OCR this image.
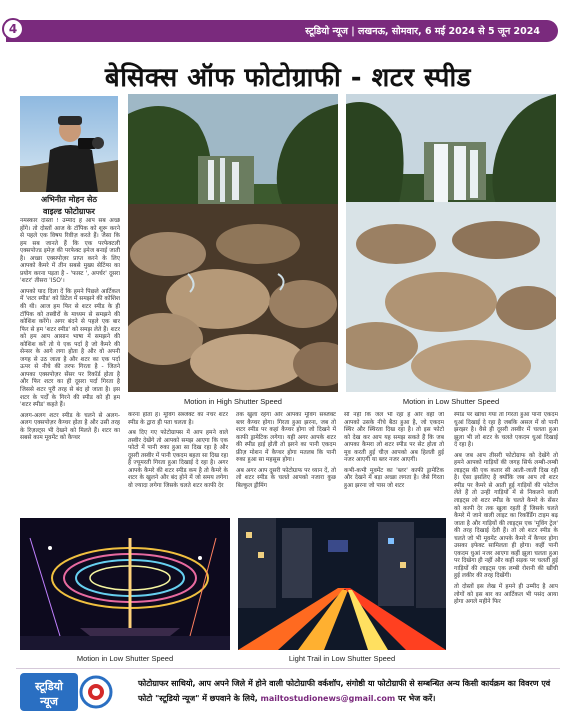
स्टूडियो न्यूज | लखनऊ, सोमवार, 6 मई 2024 से 5 जून 2024
4
बेसिक्स ऑफ फोटोग्राफी - शटर स्पीड
अभिनीत मोहन सेठ
वाइल्ड फोटोग्राफर
Motion in High Shutter Speed	Motion in Low Shutter Speed

नमस्कार दोस्तों ! उम्मीद है आप सब अच्छे होंगे। तो दोस्तों आज के टॉपिक को शुरू करने से पहले एक विषय रिवीज़ करते हैं। जैसा कि हम सब जानते हैं कि एक परफेक्टली एक्सपोज्ड इमेज़ की परफेक्ट इमेज बनाई जाती है। अच्छा एक्सपोज़र प्राप्त करने के लिए आपको कैमरे में तीन सबसे मुख्य सेटिंग्स का प्रयोग करना पड़ता है - 'फास्ट ', अपर्चर' दूसरा 'शटर' तीसरा 'ISO'।

आपको याद दिला दें कि हमने पिछले आर्टिकल में 'शटर स्पीड' को डिटेल में समझने की कोशिश की थी। आज हम फिर से शटर स्पीड के ही टॉपिक को तस्वीरों के माध्यम से समझने की कोशिश करेंगे। अगर बंदने से पहले एक बार फिर से हम 'शटर स्पीड' को समझ लेते हैं। शटर को हम आप आसान भाषा में समझने की कोशिश करें तो ये एक पर्दा है जो कैमरे की सेन्सर के आगे लगा होता है और वो अपनी जगह से उठ जाता है और शटर का एक पर्दा ऊपर से नीचे की तरफ गिरता है - जितने आपका एक्सपोज़र सेंसर पर रिकॉर्ड होता है और फिर शटर का ही दूसरा पर्दा गिरता है जिससे शटर पूरी तरह से बंद हो जाता है। इस शटर के पर्दों के गिरने की स्पीड को ही हम 'शटर स्पीड' कहते हैं।

अलग-अलग शटर स्पीड के चलने से अलग-अलग एक्सपोज़र कैप्चर होता है और उसी तरह के रिज़ल्ट्स भी देखने को मिलते हैं। शटर का सबसे काम मूवमेंट को कैप्चर

करना होता है। मूविंग सब्जेक्ट का नेचर शटर स्पीड के द्वारा ही पता चलता है।

अब दिए गए फोटोग्राफ्स में आप हमने वाले तस्वीर देखेंगे तो आपको समझ आएगा कि एक फोटो में पानी रुका हुआ सा दिख रहा है और दूसरी तस्वीर में पानी एकदम बहता सा दिख रहा है ज्यूमरती गिरता हुआ दिखाई दे रहा है। अगर आपके कैमरे की शटर स्पीड कम है तो कैमरे के शटर के खुलने और बंद होने में जो समय लगेगा वो ज्यादा लगेगा जिसके चलते शटर काफी देर

तक खुला रहेगा और आपका मूविंग सब्जेक्ट ब्लर कैप्चर होगा। गिरता हुआ झरना, जब तो शटर स्पीड पर कहां कैप्चर होगा जो दिखने में काफी ड्रामेटिक लगेगा। यही अगर आपके शटर की स्पीड हाई होती तो झरने का पानी एकदम फ्रीज़ मोशन में कैप्चर होगा मतलब कि पानी रुका हुआ सा महसूस होगा।

अब अगर आप दूसरी फोटोग्राफ पर ध्यान दें, तो लो शटर स्पीड के चलते आपको नजारा कुछ बिल्कुल ड्रीमिंग

सी नहीं कि जल भी रहा है और वहीं जो आपको उसके नीचे बैठा हुआ है, जो एकदम स्थिर और स्थिरता दिख रहा है। तो इस फोटो को देख कर आप यह समझ सकते हैं कि जब आपका कैमरा लो शटर स्पीड पर सेट होता तो मूव करती हुई चीज़ आपको अब हिलती हुई नजर आएगी या ब्लर नजर आएगी।

कभी-कभी मूवमेंट का 'ब्लर' काफी ड्रामेटिक और देखने में बड़ा अच्छा लगता है। जैसे गिरता हुआ झरना जो पास जो शटर

स्पीड पर खींचा गया तो गिरता हुआ पानी एकदम धुआं दिखाई दे रहा है जबकि असल में वो पानी झरझर है। वैसे ही दूसरी तस्वीर में चलता हुआ झूला भी लो शटर के चलते एकदम धुआं दिखाई दे रहा है।

अब जब आप तीसरी फोटोग्राफ को देखेंगे तो हमने आपको गाड़ियों की जगह सिर्फ लम्बी-लम्बी लाइट्स की एक कतार सी आती-जाती दिख रही है। ऐसा इसलिए है क्योंकि जब आप लो शटर स्पीड पर कैमरे से आती हुई गाड़ियों की फोटोज लेते हैं तो उन्ही गाड़ियों में से निकलने वाली लाइट्स लो शटर स्पीड के चलते कैमरे के सेंसर को कापी देर तक खुला रहती हैं जिसके चलते कैमरे में जाने वाली लाइट का रिकॉर्डिंग टाइम बढ़ जाता है और गाड़ियों की लाइट्स एक 'मूविंग ट्रेल' की तरह दिखाई देती हैं। तो लो शटर स्पीड के चलते जो भी मूवमेंट आपके कैमरे में कैप्चर होगा उसका इफेक्ट सामिलता ही होगा। कहीं पानी एकदम धुआं नजर आएगा कहीं झूला चलता हुआ पर दिखेगा ही नहीं और कहीं सड़क पर चलती हुई गाड़ियों की लाइट्स एक लम्बी रोशनी की खींची हुई लकीर की तरह दिखेंगी।

तो दोस्तों इस लेख में हमने ही उम्मीद है आप लोगों को इस बार का आर्टिकल भी पसंद आया होगा अगले महीने फिर

Motion in Low Shutter Speed	Light Trail in Low Shutter Speed
स्टूडियो
न्यूज
फोटोग्राफर साथियो, आप अपने जिले में होने वाली फोटोग्राफी वर्कशॉप, संगोष्ठी या फोटोग्राफी से सम्बन्धित अन्य किसी कार्यक्रम का विवरण एवं फोटो "स्टूडियो न्यूज" में छपवाने के लिये, mailtostudionews@gmail.com पर भेज करें।
